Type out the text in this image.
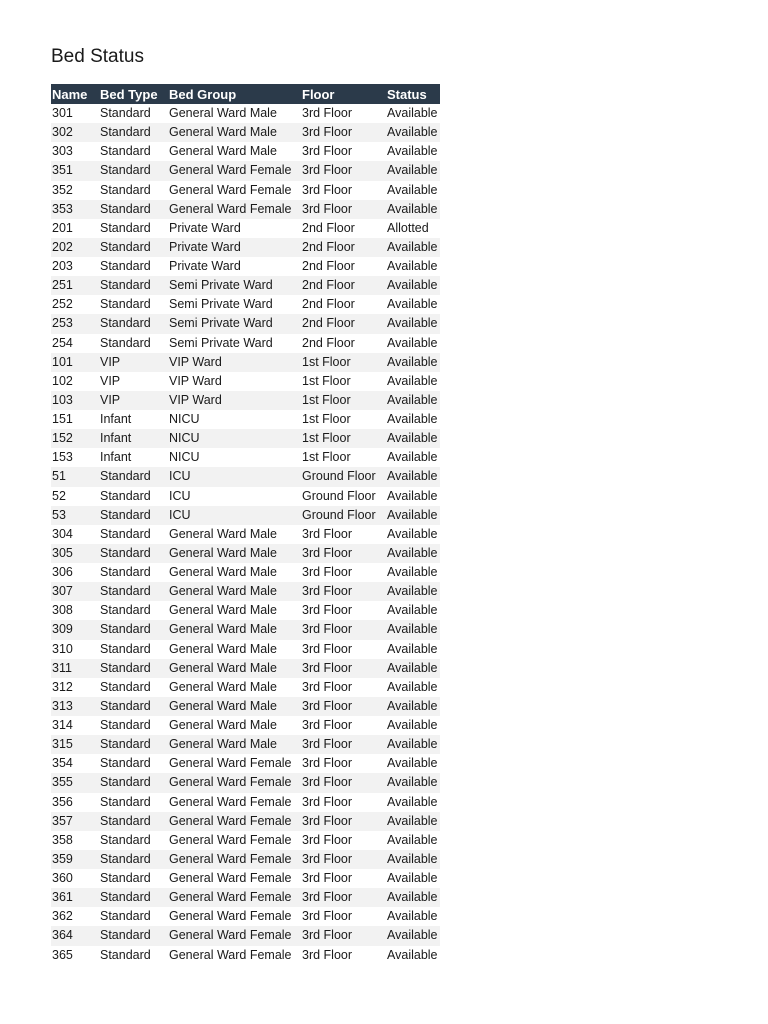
Bed Status
Name	Bed Type	Bed Group	Floor	Status
301	Standard	General Ward Male	3rd Floor	Available
302	Standard	General Ward Male	3rd Floor	Available
303	Standard	General Ward Male	3rd Floor	Available
351	Standard	General Ward Female	3rd Floor	Available
352	Standard	General Ward Female	3rd Floor	Available
353	Standard	General Ward Female	3rd Floor	Available
201	Standard	Private Ward	2nd Floor	Allotted
202	Standard	Private Ward	2nd Floor	Available
203	Standard	Private Ward	2nd Floor	Available
251	Standard	Semi Private Ward	2nd Floor	Available
252	Standard	Semi Private Ward	2nd Floor	Available
253	Standard	Semi Private Ward	2nd Floor	Available
254	Standard	Semi Private Ward	2nd Floor	Available
101	VIP	VIP Ward	1st Floor	Available
102	VIP	VIP Ward	1st Floor	Available
103	VIP	VIP Ward	1st Floor	Available
151	Infant	NICU	1st Floor	Available
152	Infant	NICU	1st Floor	Available
153	Infant	NICU	1st Floor	Available
51	Standard	ICU	Ground Floor	Available
52	Standard	ICU	Ground Floor	Available
53	Standard	ICU	Ground Floor	Available
304	Standard	General Ward Male	3rd Floor	Available
305	Standard	General Ward Male	3rd Floor	Available
306	Standard	General Ward Male	3rd Floor	Available
307	Standard	General Ward Male	3rd Floor	Available
308	Standard	General Ward Male	3rd Floor	Available
309	Standard	General Ward Male	3rd Floor	Available
310	Standard	General Ward Male	3rd Floor	Available
311	Standard	General Ward Male	3rd Floor	Available
312	Standard	General Ward Male	3rd Floor	Available
313	Standard	General Ward Male	3rd Floor	Available
314	Standard	General Ward Male	3rd Floor	Available
315	Standard	General Ward Male	3rd Floor	Available
354	Standard	General Ward Female	3rd Floor	Available
355	Standard	General Ward Female	3rd Floor	Available
356	Standard	General Ward Female	3rd Floor	Available
357	Standard	General Ward Female	3rd Floor	Available
358	Standard	General Ward Female	3rd Floor	Available
359	Standard	General Ward Female	3rd Floor	Available
360	Standard	General Ward Female	3rd Floor	Available
361	Standard	General Ward Female	3rd Floor	Available
362	Standard	General Ward Female	3rd Floor	Available
364	Standard	General Ward Female	3rd Floor	Available
365	Standard	General Ward Female	3rd Floor	Available
